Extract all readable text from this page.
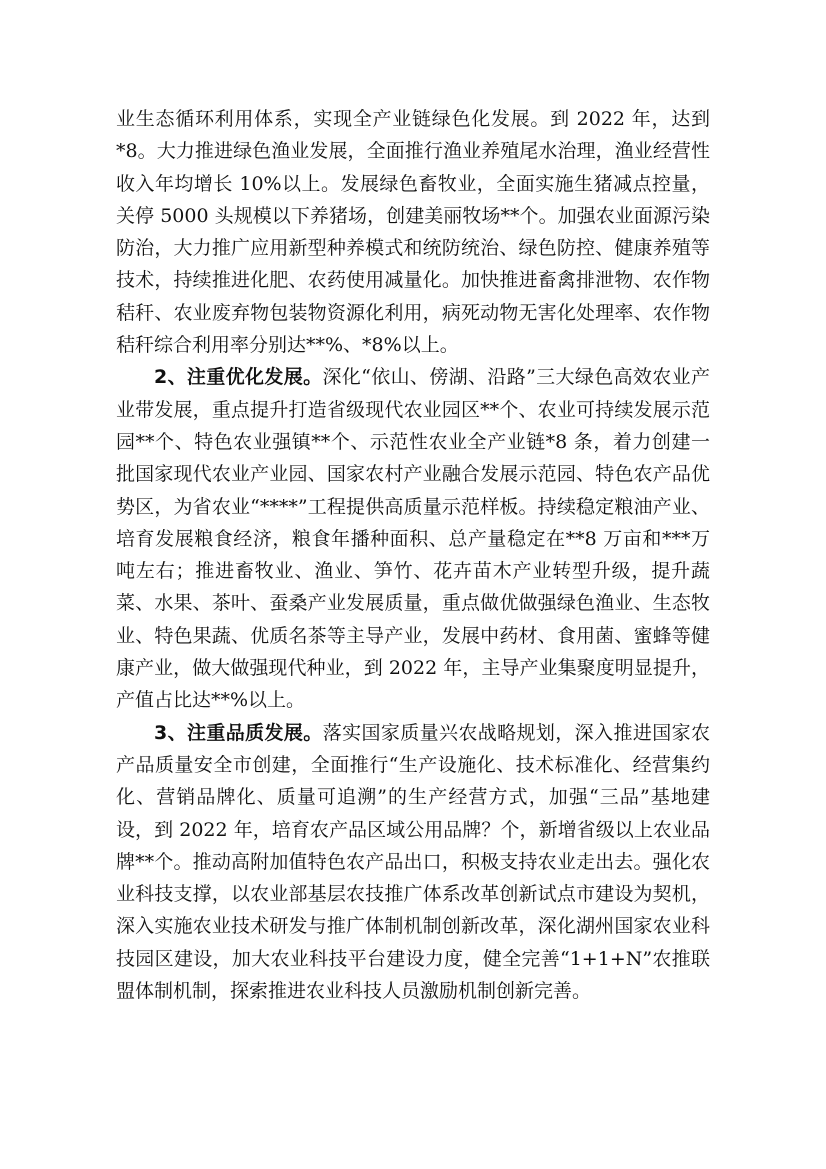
业生态循环利用体系，实现全产业链绿色化发展。到 2022 年，达到*8。大力推进绿色渔业发展，全面推行渔业养殖尾水治理，渔业经营性收入年均增长 10%以上。发展绿色畜牧业，全面实施生猪减点控量，关停 5000 头规模以下养猪场，创建美丽牧场**个。加强农业面源污染防治，大力推广应用新型种养模式和统防统治、绿色防控、健康养殖等技术，持续推进化肥、农药使用减量化。加快推进畜禽排泄物、农作物秸秆、农业废弃物包装物资源化利用，病死动物无害化处理率、农作物秸秆综合利用率分别达**%、*8%以上。

2、注重优化发展。深化“依山、傍湖、沿路”三大绿色高效农业产业带发展，重点提升打造省级现代农业园区**个、农业可持续发展示范园**个、特色农业强镇**个、示范性农业全产业链*8 条，着力创建一批国家现代农业产业园、国家农村产业融合发展示范园、特色农产品优势区，为省农业“****”工程提供高质量示范样板。持续稳定粮油产业、培育发展粮食经济，粮食年播种面积、总产量稳定在**8 万亩和***万吨左右；推进畜牧业、渔业、笋竹、花卉苗木产业转型升级，提升蔬菜、水果、茶叶、蚕桑产业发展质量，重点做优做强绿色渔业、生态牧业、特色果蔬、优质名茶等主导产业，发展中药材、食用菌、蜜蜂等健康产业，做大做强现代种业，到 2022 年，主导产业集聚度明显提升，产值占比达**%以上。

3、注重品质发展。落实国家质量兴农战略规划，深入推进国家农产品质量安全市创建，全面推行“生产设施化、技术标准化、经营集约化、营销品牌化、质量可追溯”的生产经营方式，加强“三品”基地建设，到 2022 年，培育农产品区域公用品牌？个，新增省级以上农业品牌**个。推动高附加值特色农产品出口，积极支持农业走出去。强化农业科技支撑，以农业部基层农技推广体系改革创新试点市建设为契机，深入实施农业技术研发与推广体制机制创新改革，深化湖州国家农业科技园区建设，加大农业科技平台建设力度，健全完善“1+1+N”农推联盟体制机制，探索推进农业科技人员激励机制创新完善。
